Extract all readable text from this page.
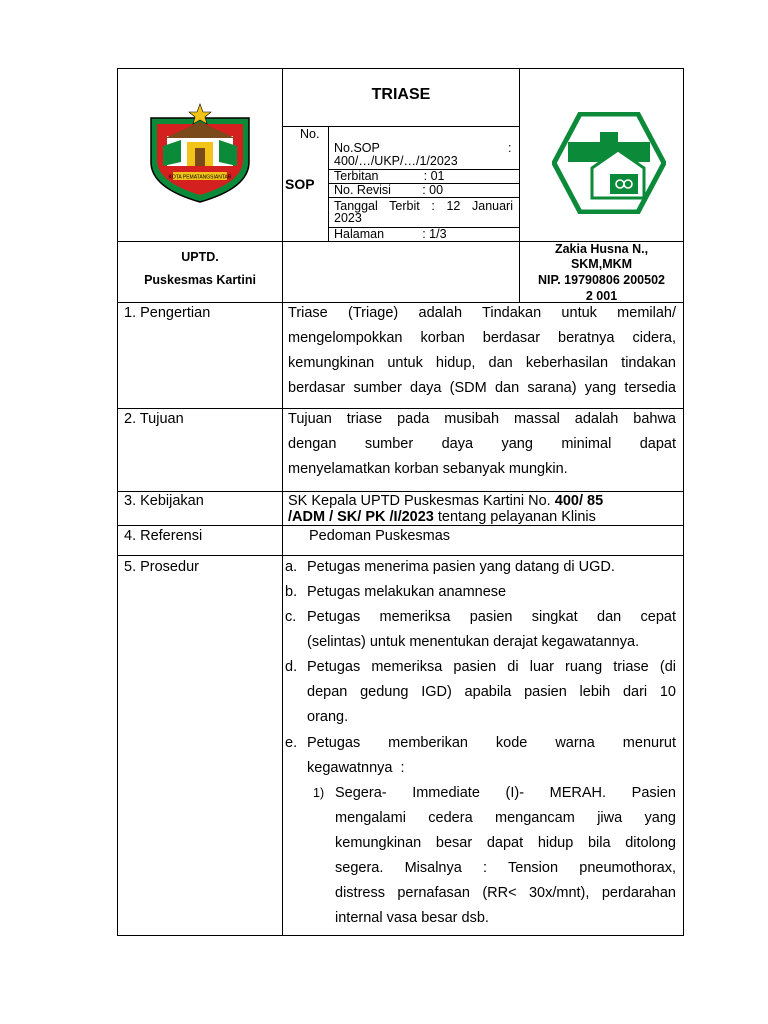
KOTA PEMATANGSIANTAR
TRIASE
No.
SOP
No.SOP	:
400/…/UKP/…/1/2023
Terbitan             : 01
No. Revisi         : 00
Tanggal Terbit : 12 Januari
2023
Halaman           : 1/3
UPTD.
Puskesmas Kartini
Zakia Husna N.,
SKM,MKM
NIP. 19790806 200502
2 001
1. Pengertian	Triase (Triage) adalah Tindakan untuk memilah/
mengelompokkan korban berdasar beratnya cidera,
kemungkinan untuk hidup, dan keberhasilan tindakan
berdasar sumber daya (SDM dan sarana) yang tersedia
2. Tujuan	Tujuan triase pada musibah massal adalah bahwa
dengan sumber daya yang minimal dapat
menyelamatkan korban sebanyak mungkin.
3. Kebijakan	SK Kepala UPTD Puskesmas Kartini No. 400/ 85
/ADM / SK/ PK /I/2023 tentang pelayanan Klinis
4. Referensi	Pedoman Puskesmas
5. Prosedur	a. Petugas menerima pasien yang datang di UGD.
b. Petugas melakukan anamnese
c. Petugas memeriksa pasien singkat dan cepat
(selintas) untuk menentukan derajat kegawatannya.
d. Petugas memeriksa pasien di luar ruang triase (di
depan gedung IGD) apabila pasien lebih dari 10
orang.
e. Petugas memberikan kode warna menurut
kegawatnnya  :
1) Segera- Immediate (I)- MERAH. Pasien
mengalami cedera mengancam jiwa yang
kemungkinan besar dapat hidup bila ditolong
segera. Misalnya : Tension pneumothorax,
distress pernafasan (RR< 30x/mnt), perdarahan
internal vasa besar dsb.
